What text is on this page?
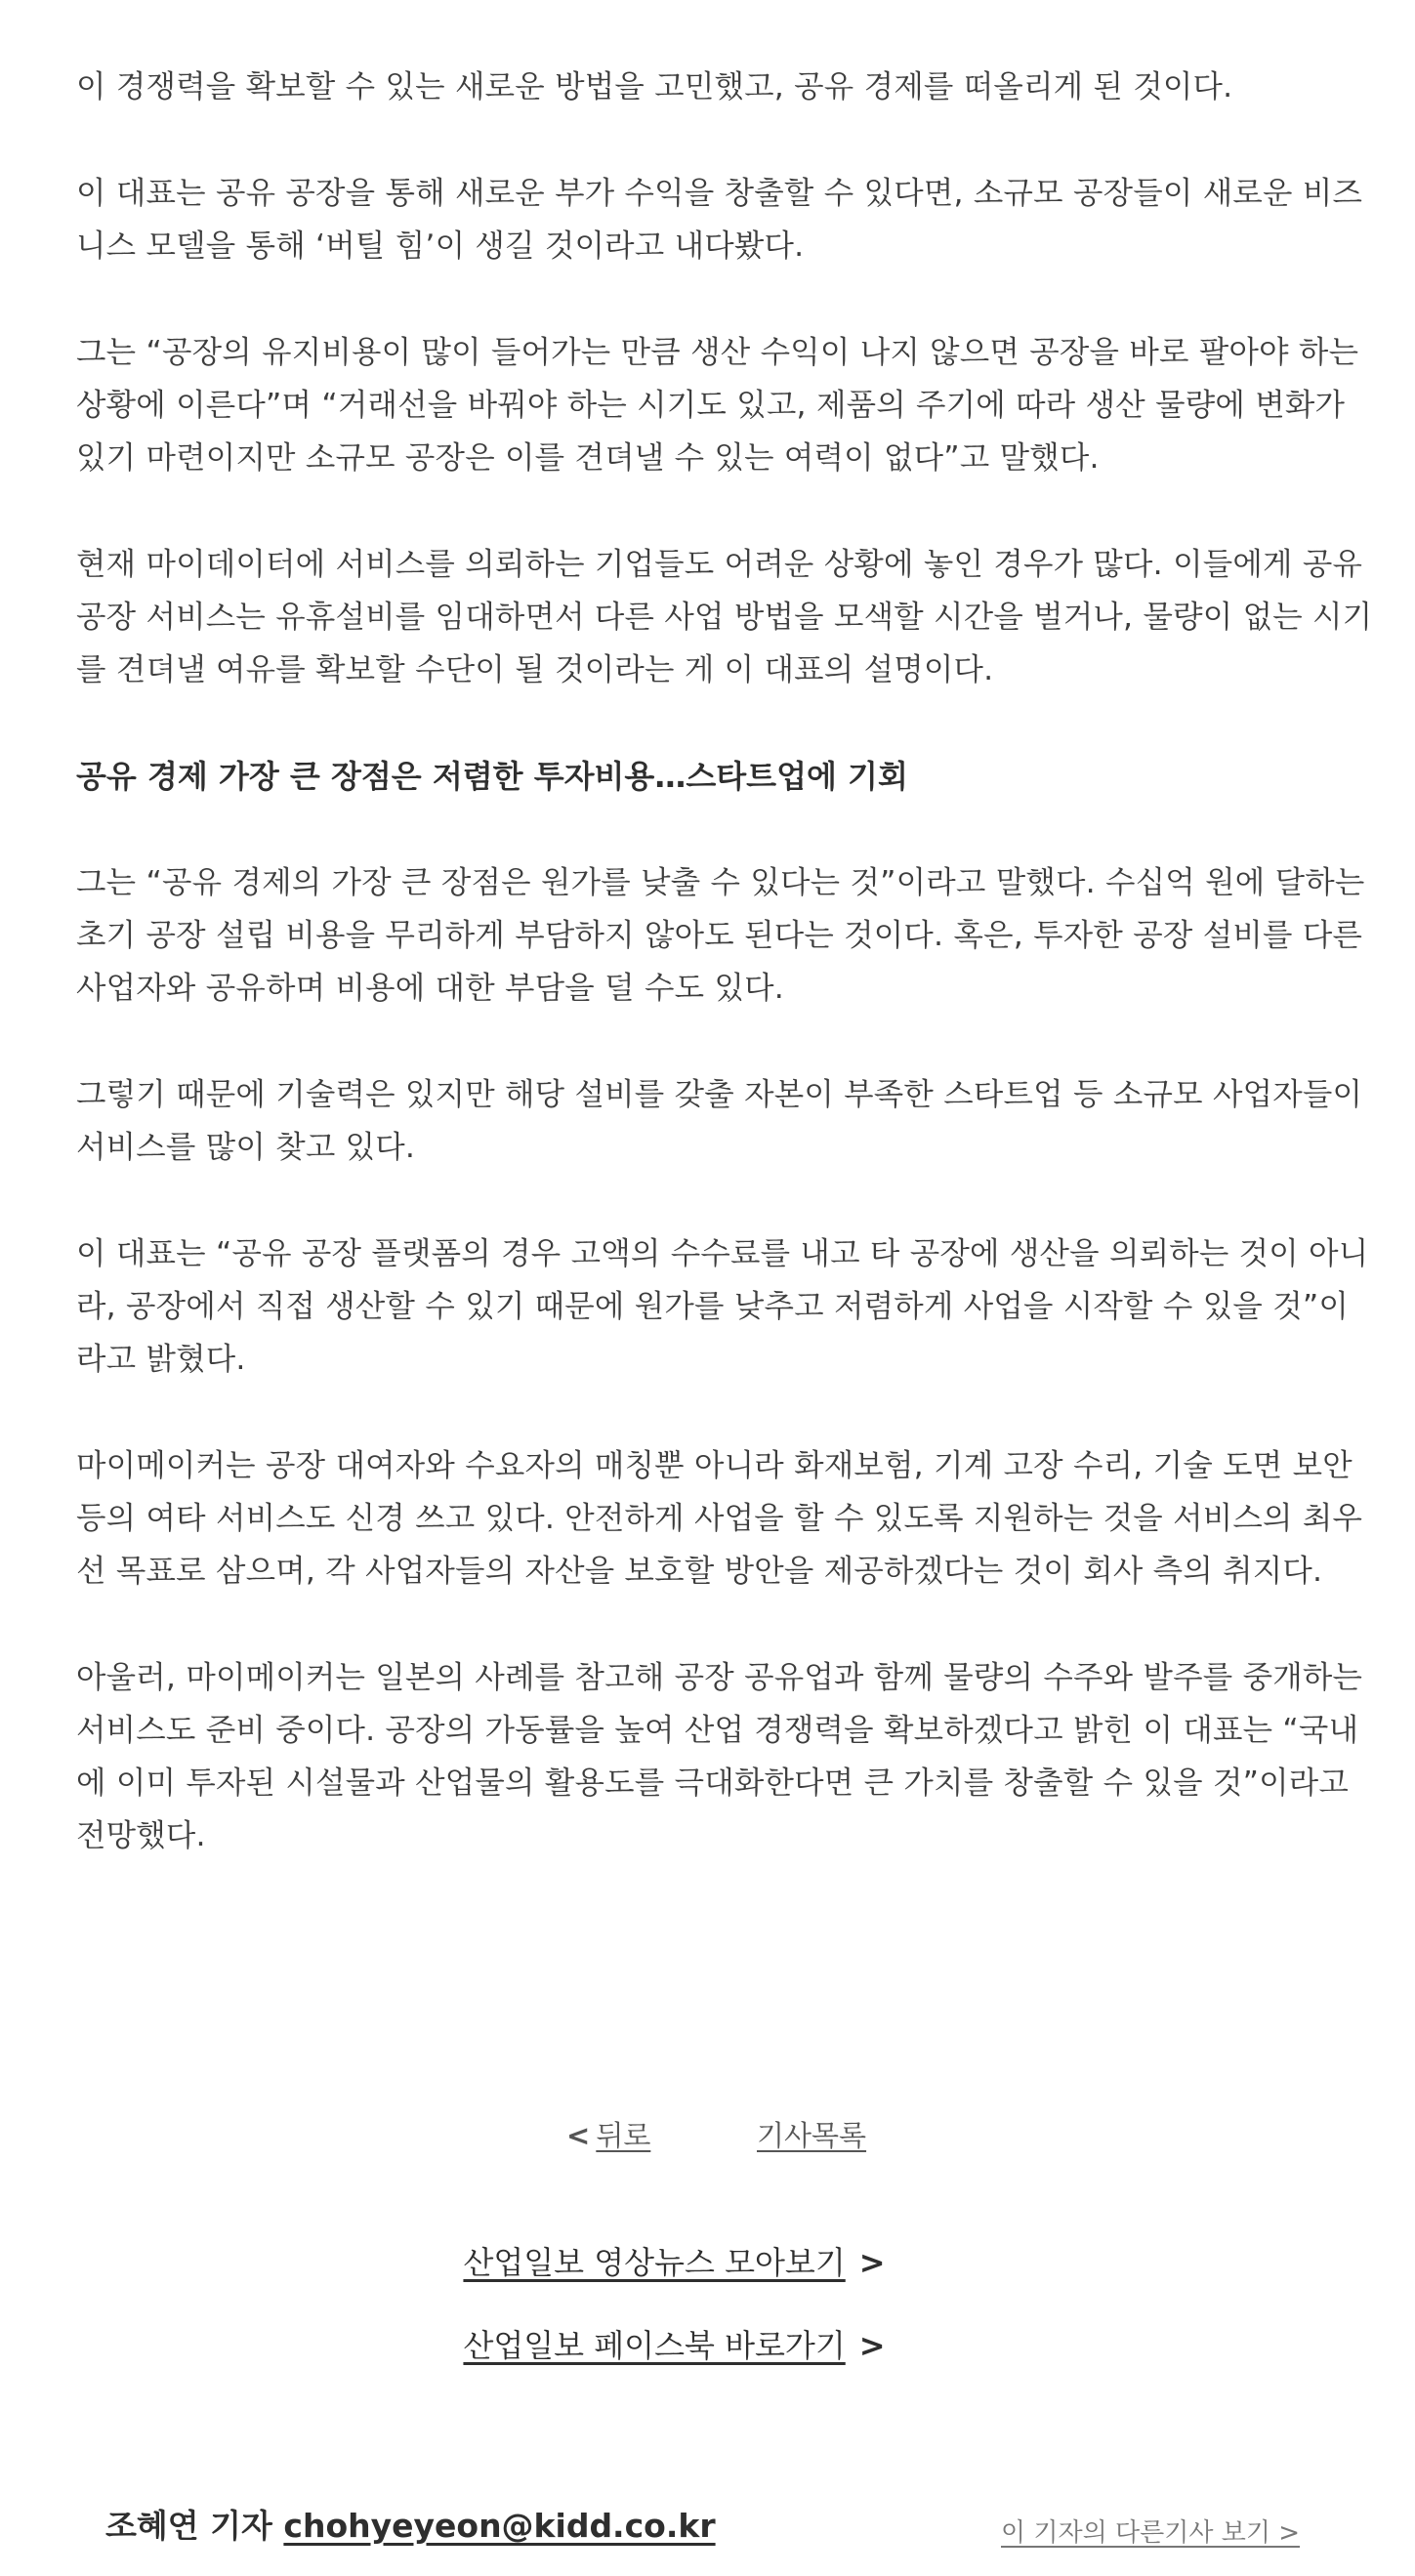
이 경쟁력을 확보할 수 있는 새로운 방법을 고민했고, 공유 경제를 떠올리게 된 것이다.

이 대표는 공유 공장을 통해 새로운 부가 수익을 창출할 수 있다면, 소규모 공장들이 새로운 비즈니스 모델을 통해 ‘버틸 힘’이 생길 것이라고 내다봤다.

그는 “공장의 유지비용이 많이 들어가는 만큼 생산 수익이 나지 않으면 공장을 바로 팔아야 하는 상황에 이른다”며 “거래선을 바꿔야 하는 시기도 있고, 제품의 주기에 따라 생산 물량에 변화가 있기 마련이지만 소규모 공장은 이를 견뎌낼 수 있는 여력이 없다”고 말했다.

현재 마이데이터에 서비스를 의뢰하는 기업들도 어려운 상황에 놓인 경우가 많다. 이들에게 공유 공장 서비스는 유휴설비를 임대하면서 다른 사업 방법을 모색할 시간을 벌거나, 물량이 없는 시기를 견뎌낼 여유를 확보할 수단이 될 것이라는 게 이 대표의 설명이다.

공유 경제 가장 큰 장점은 저렴한 투자비용…스타트업에 기회

그는 “공유 경제의 가장 큰 장점은 원가를 낮출 수 있다는 것”이라고 말했다. 수십억 원에 달하는 초기 공장 설립 비용을 무리하게 부담하지 않아도 된다는 것이다. 혹은, 투자한 공장 설비를 다른 사업자와 공유하며 비용에 대한 부담을 덜 수도 있다.

그렇기 때문에 기술력은 있지만 해당 설비를 갖출 자본이 부족한 스타트업 등 소규모 사업자들이 서비스를 많이 찾고 있다.

이 대표는 “공유 공장 플랫폼의 경우 고액의 수수료를 내고 타 공장에 생산을 의뢰하는 것이 아니라, 공장에서 직접 생산할 수 있기 때문에 원가를 낮추고 저렴하게 사업을 시작할 수 있을 것”이라고 밝혔다.

마이메이커는 공장 대여자와 수요자의 매칭뿐 아니라 화재보험, 기계 고장 수리, 기술 도면 보안 등의 여타 서비스도 신경 쓰고 있다. 안전하게 사업을 할 수 있도록 지원하는 것을 서비스의 최우선 목표로 삼으며, 각 사업자들의 자산을 보호할 방안을 제공하겠다는 것이 회사 측의 취지다.

아울러, 마이메이커는 일본의 사례를 참고해 공장 공유업과 함께 물량의 수주와 발주를 중개하는 서비스도 준비 중이다. 공장의 가동률을 높여 산업 경쟁력을 확보하겠다고 밝힌 이 대표는 “국내에 이미 투자된 시설물과 산업물의 활용도를 극대화한다면 큰 가치를 창출할 수 있을 것”이라고 전망했다.

< 뒤로	기사목록
산업일보 영상뉴스 모아보기 >
산업일보 페이스북 바로가기 >
조혜연 기자 chohyeyeon@kidd.co.kr	이 기자의 다른기사 보기 >
